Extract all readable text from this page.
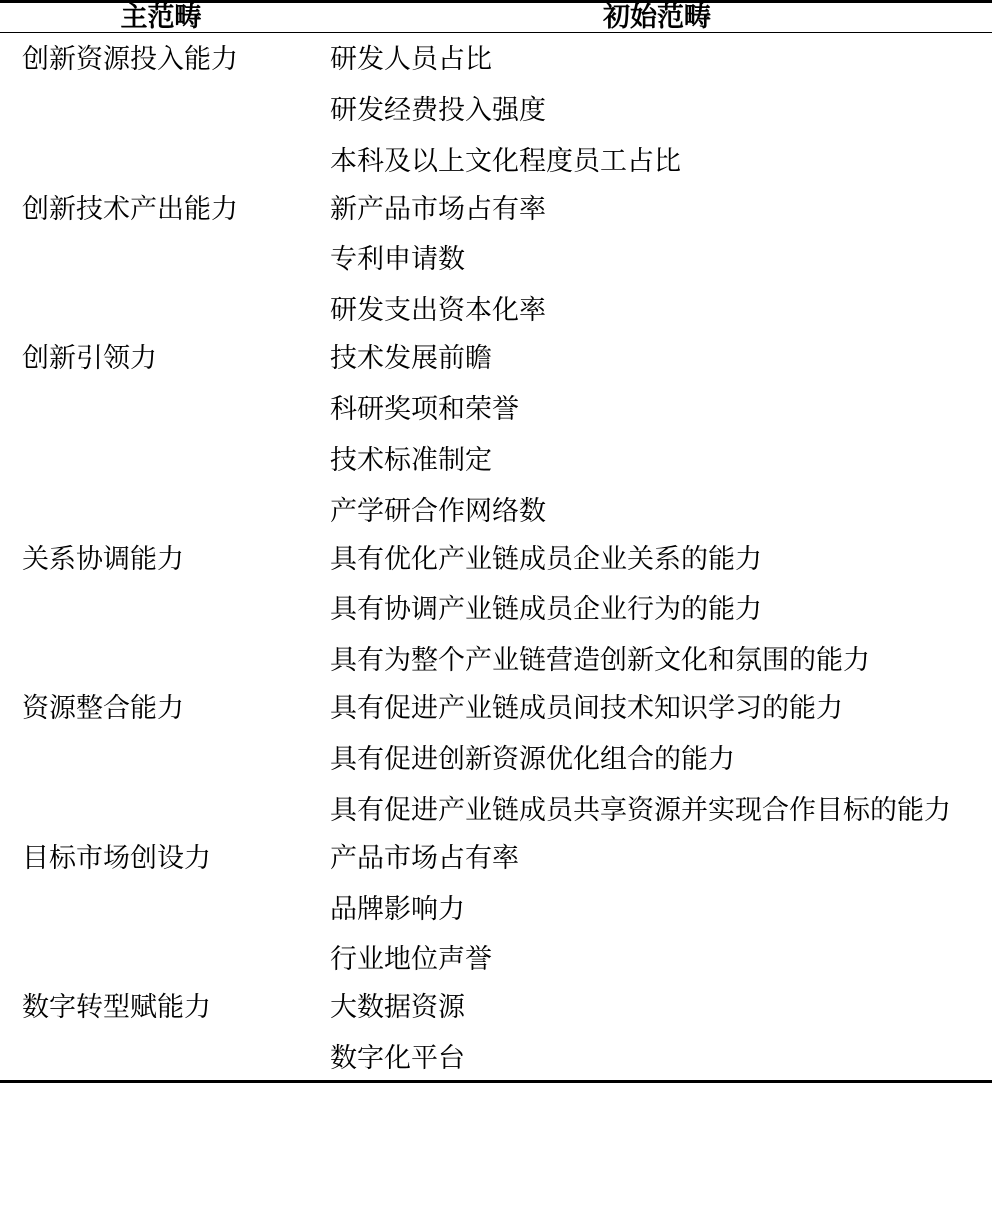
主范畴	初始范畴

创新资源投入能力	研发人员占比
研发经费投入强度
本科及以上文化程度员工占比

创新技术产出能力	新产品市场占有率
专利申请数
研发支出资本化率

创新引领力	技术发展前瞻
科研奖项和荣誉
技术标准制定
产学研合作网络数

关系协调能力	具有优化产业链成员企业关系的能力
具有协调产业链成员企业行为的能力
具有为整个产业链营造创新文化和氛围的能力

资源整合能力	具有促进产业链成员间技术知识学习的能力
具有促进创新资源优化组合的能力
具有促进产业链成员共享资源并实现合作目标的能力

目标市场创设力	产品市场占有率
品牌影响力
行业地位声誉

数字转型赋能力	大数据资源
数字化平台
